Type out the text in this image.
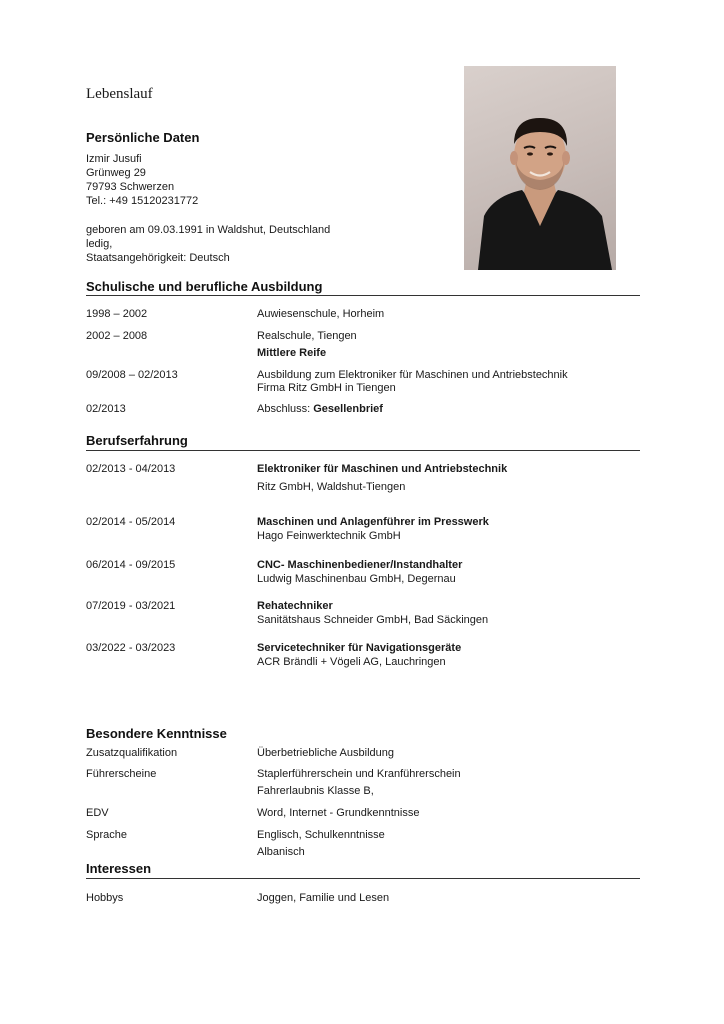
Lebenslauf
Persönliche Daten
Izmir Jusufi
Grünweg 29
79793 Schwerzen
Tel.: +49 15120231772
geboren am 09.03.1991 in Waldshut, Deutschland
ledig,
Staatsangehörigkeit: Deutsch
Schulische und berufliche Ausbildung
1998 – 2002	Auwiesenschule, Horheim
2002 – 2008	Realschule, Tiengen
Mittlere Reife
09/2008 – 02/2013	Ausbildung zum Elektroniker für Maschinen und Antriebstechnik
Firma Ritz GmbH in Tiengen
02/2013	Abschluss: Gesellenbrief
Berufserfahrung
02/2013 - 04/2013	Elektroniker für Maschinen und Antriebstechnik
Ritz GmbH, Waldshut-Tiengen
02/2014 - 05/2014	Maschinen und Anlagenführer im Presswerk
Hago Feinwerktechnik GmbH
06/2014 - 09/2015	CNC- Maschinenbediener/Instandhalter
Ludwig Maschinenbau GmbH, Degernau
07/2019 - 03/2021	Rehatechniker
Sanitätshaus Schneider GmbH, Bad Säckingen
03/2022 - 03/2023	Servicetechniker für Navigationsgeräte
ACR Brändli + Vögeli AG, Lauchringen
Besondere Kenntnisse
Zusatzqualifikation	Überbetriebliche Ausbildung
Führerscheine	Staplerführerschein und Kranführerschein
Fahrerlaubnis Klasse B,
EDV	Word, Internet - Grundkenntnisse
Sprache	Englisch, Schulkenntnisse
Albanisch
Interessen
Hobbys	Joggen, Familie und Lesen
